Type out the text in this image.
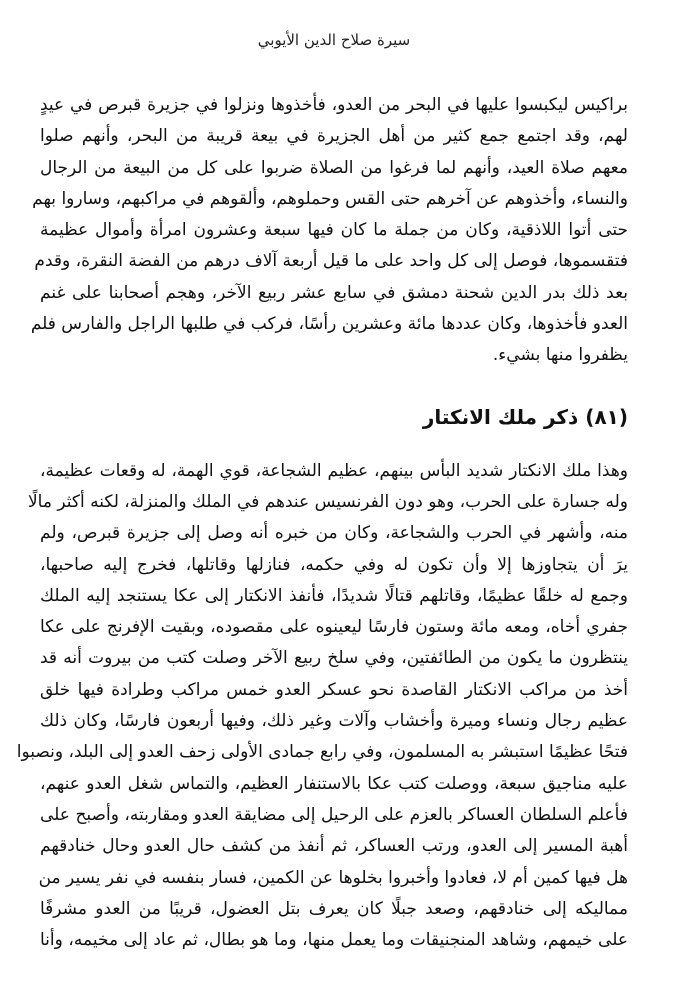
سيرة صلاح الدين الأيوبي
براكيس ليكبسوا عليها في البحر من العدو، فأخذوها ونزلوا في جزيرة قبرص في عيدٍ
لهم، وقد اجتمع جمع كثير من أهل الجزيرة في بيعة قريبة من البحر، وأنهم صلوا
معهم صلاة العيد، وأنهم لما فرغوا من الصلاة ضربوا على كل من البيعة من الرجال
والنساء، وأخذوهم عن آخرهم حتى القس وحملوهم، وألقوهم في مراكبهم، وساروا بهم
حتى أتوا اللاذقية، وكان من جملة ما كان فيها سبعة وعشرون امرأة وأموال عظيمة
فتقسموها، فوصل إلى كل واحد على ما قيل أربعة آلاف درهم من الفضة النقرة، وقدم
بعد ذلك بدر الدين شحنة دمشق في سابع عشر ربيع الآخر، وهجم أصحابنا على غنم
العدو فأخذوها، وكان عددها مائة وعشرين رأسًا، فركب في طلبها الراجل والفارس فلم
يظفروا منها بشيء.
(٨١) ذكر ملك الانكتار
وهذا ملك الانكتار شديد البأس بينهم، عظيم الشجاعة، قوي الهمة، له وقعات عظيمة،
وله جسارة على الحرب، وهو دون الفرنسيس عندهم في الملك والمنزلة، لكنه أكثر مالًا
منه، وأشهر في الحرب والشجاعة، وكان من خبره أنه وصل إلى جزيرة قبرص، ولم
يرَ أن يتجاوزها إلا وأن تكون له وفي حكمه، فنازلها وقاتلها، فخرج إليه صاحبها،
وجمع له خلقًا عظيمًا، وقاتلهم قتالًا شديدًا، فأنفذ الانكتار إلى عكا يستنجد إليه الملك
جفري أخاه، ومعه مائة وستون فارسًا ليعينوه على مقصوده، وبقيت الإفرنج على عكا
ينتظرون ما يكون من الطائفتين، وفي سلخ ربيع الآخر وصلت كتب من بيروت أنه قد
أخذ من مراكب الانكتار القاصدة نحو عسكر العدو خمس مراكب وطرادة فيها خلق
عظيم رجال ونساء وميرة وأخشاب وآلات وغير ذلك، وفيها أربعون فارسًا، وكان ذلك
فتحًا عظيمًا استبشر به المسلمون، وفي رابع جمادى الأولى زحف العدو إلى البلد، ونصبوا
عليه مناجيق سبعة، ووصلت كتب عكا بالاستنفار العظيم، والتماس شغل العدو عنهم،
فأعلم السلطان العساكر بالعزم على الرحيل إلى مضايقة العدو ومقاربته، وأصبح على
أهبة المسير إلى العدو، ورتب العساكر، ثم أنفذ من كشف حال العدو وحال خنادقهم
هل فيها كمين أم لا، فعادوا وأخبروا بخلوها عن الكمين، فسار بنفسه في نفر يسير من
مماليكه إلى خنادقهم، وصعد جبلًا كان يعرف بتل العضول، قريبًا من العدو مشرفًا
على خيمهم، وشاهد المنجنيقات وما يعمل منها، وما هو بطال، ثم عاد إلى مخيمه، وأنا
